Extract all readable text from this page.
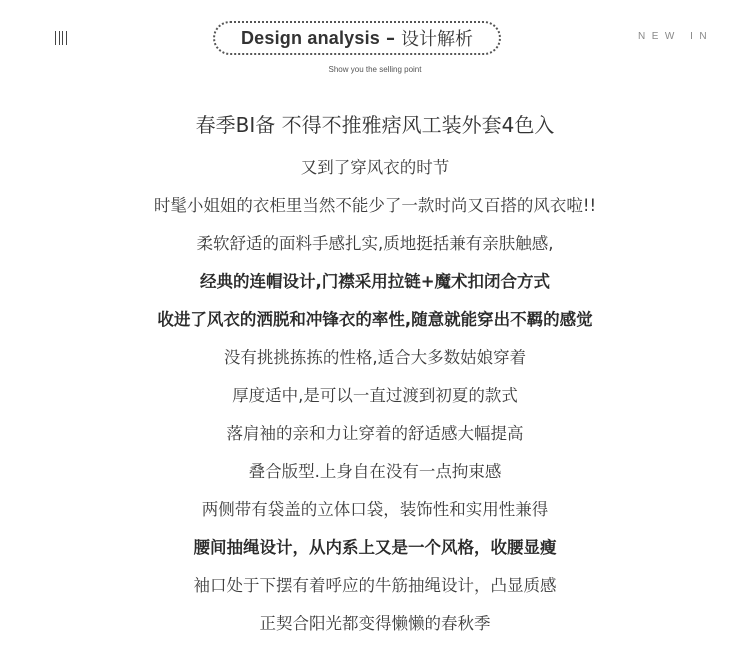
Design analysis – 设计解析
Show you the selling point
NEW IN
春季BI备 不得不推雅痞风工装外套4色入
又到了穿风衣的时节
时髦小姐姐的衣柜里当然不能少了一款时尚又百搭的风衣啦!!
柔软舒适的面料手感扎实,质地挺括兼有亲肤触感,
经典的连帽设计,门襟采用拉链+魔术扣闭合方式
收进了风衣的洒脱和冲锋衣的率性,随意就能穿出不羁的感觉
没有挑挑拣拣的性格,适合大多数姑娘穿着
厚度适中,是可以一直过渡到初夏的款式
落肩袖的亲和力让穿着的舒适感大幅提高
叠合版型.上身自在没有一点拘束感
两侧带有袋盖的立体口袋，装饰性和实用性兼得
腰间抽绳设计，从内系上又是一个风格，收腰显瘦
袖口处于下摆有着呼应的牛筋抽绳设计，凸显质感
正契合阳光都变得懒懒的春秋季
